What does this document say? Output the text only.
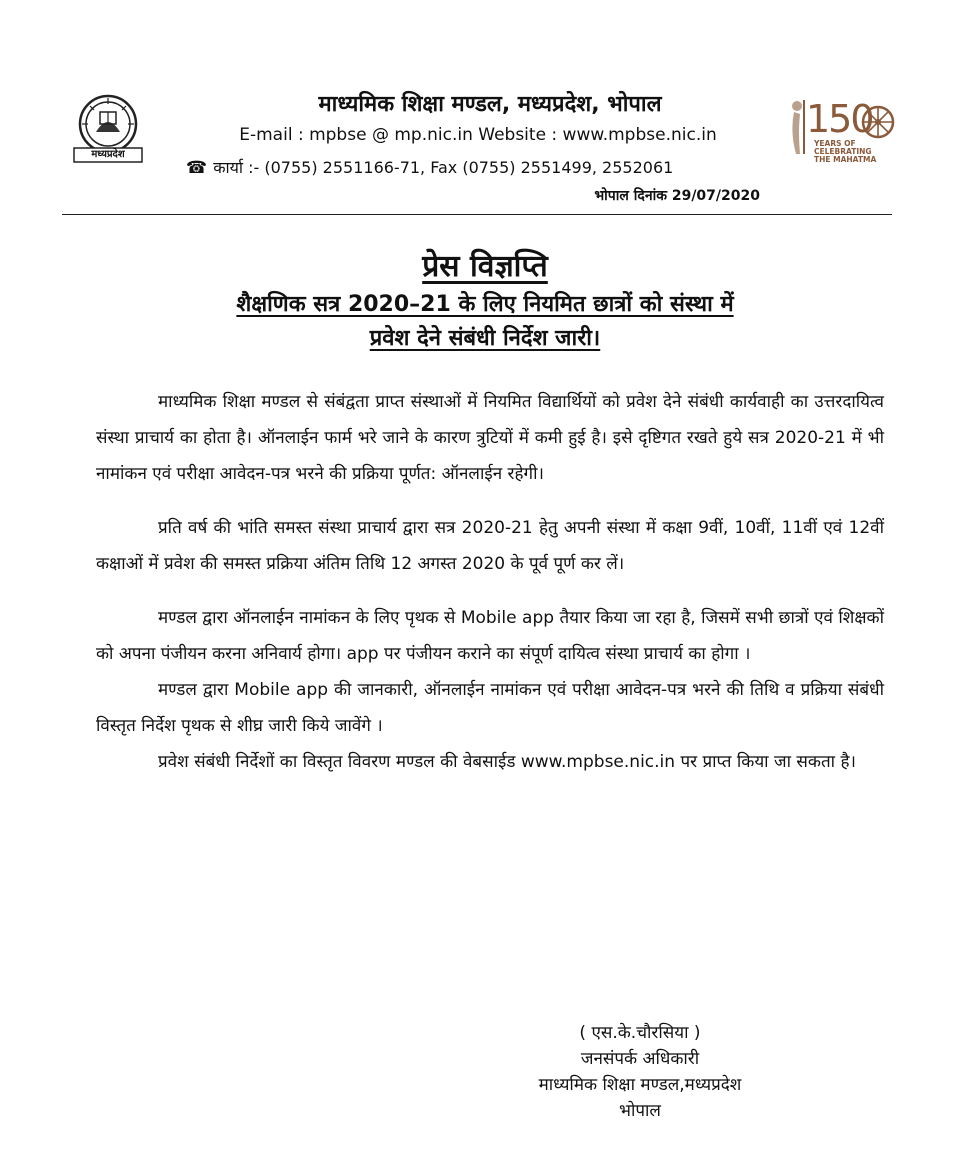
मध्यप्रदेश
माध्यमिक शिक्षा मण्डल, मध्यप्रदेश, भोपाल
E-mail : mpbse @ mp.nic.in Website : www.mpbse.nic.in
☎ कार्या :- (0755) 2551166-71, Fax (0755) 2551499, 2552061
भोपाल दिनांक 29/07/2020
150
YEARS OF
CELEBRATING
THE MAHATMA
प्रेस विज्ञप्ति
शैक्षणिक सत्र 2020–21 के लिए नियमित छात्रों को संस्था में
प्रवेश देने संबंधी निर्देश जारी।

माध्यमिक शिक्षा मण्डल से संबंद्वता प्राप्त संस्थाओं में नियमित विद्यार्थियों को प्रवेश देने संबंधी कार्यवाही का उत्तरदायित्व संस्था प्राचार्य का होता है। ऑनलाईन फार्म भरे जाने के कारण त्रुटियों में कमी हुई है। इसे दृष्टिगत रखते हुये सत्र 2020-21 में भी नामांकन एवं परीक्षा आवेदन-पत्र भरने की प्रक्रिया पूर्णत: ऑनलाईन रहेगी।

प्रति वर्ष की भांति समस्त संस्था प्राचार्य द्वारा सत्र 2020-21 हेतु अपनी संस्था में कक्षा 9वीं, 10वीं, 11वीं एवं 12वीं कक्षाओं में प्रवेश की समस्त प्रक्रिया अंतिम तिथि 12 अगस्त 2020 के पूर्व पूर्ण कर लें।

मण्डल द्वारा ऑनलाईन नामांकन के लिए पृथक से Mobile app तैयार किया जा रहा है, जिसमें सभी छात्रों एवं शिक्षकों को अपना पंजीयन करना अनिवार्य होगा। app पर पंजीयन कराने का संपूर्ण दायित्व संस्था प्राचार्य का होगा ।

मण्डल द्वारा Mobile app की जानकारी, ऑनलाईन नामांकन एवं परीक्षा आवेदन-पत्र भरने की तिथि व प्रक्रिया संबंधी विस्तृत निर्देश पृथक से शीघ्र जारी किये जावेंगे ।

प्रवेश संबंधी निर्देशों का विस्तृत विवरण मण्डल की वेबसाईड www.mpbse.nic.in पर प्राप्त किया जा सकता है।

( एस.के.चौरसिया )
जनसंपर्क अधिकारी
माध्यमिक शिक्षा मण्डल,मध्यप्रदेश
भोपाल
